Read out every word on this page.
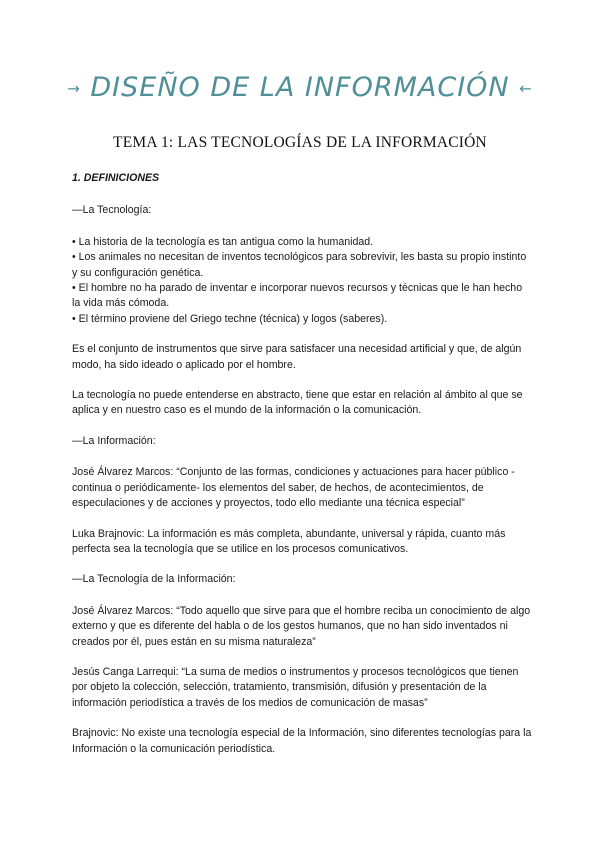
→ DISEÑO DE LA INFORMACIÓN ←
TEMA 1: LAS TECNOLOGÍAS DE LA INFORMACIÓN

1. DEFINICIONES

—La Tecnología:

• La historia de la tecnología es tan antigua como la humanidad.
• Los animales no necesitan de inventos tecnológicos para sobrevivir, les basta su propio instinto y su configuración genética.
• El hombre no ha parado de inventar e incorporar nuevos recursos y técnicas que le han hecho la vida más cómoda.
• El término proviene del Griego techne (técnica) y logos (saberes).

Es el conjunto de instrumentos que sirve para satisfacer una necesidad artificial y que, de algún modo, ha sido ideado o aplicado por el hombre.

La tecnología no puede entenderse en abstracto, tiene que estar en relación al ámbito al que se aplica y en nuestro caso es el mundo de la información o la comunicación.

—La Información:

José Álvarez Marcos: “Conjunto de las formas, condiciones y actuaciones para hacer público -continua o periódicamente- los elementos del saber, de hechos, de acontecimientos, de especulaciones y de acciones y proyectos, todo ello mediante una técnica especial”

Luka Brajnovic: La información es más completa, abundante, universal y rápida, cuanto más perfecta sea la tecnología que se utilice en los procesos comunicativos.

—La Tecnología de la Información:

José Álvarez Marcos: “Todo aquello que sirve para que el hombre reciba un conocimiento de algo externo y que es diferente del habla o de los gestos humanos, que no han sido inventados ni creados por él, pues están en su misma naturaleza”

Jesús Canga Larrequi: “La suma de medios o instrumentos y procesos tecnológicos que tienen por objeto la colección, selección, tratamiento, transmisión, difusión y presentación de la información periodística a través de los medios de comunicación de masas”

Brajnovic: No existe una tecnología especial de la Información, sino diferentes tecnologías para la Información o la comunicación periodística.
